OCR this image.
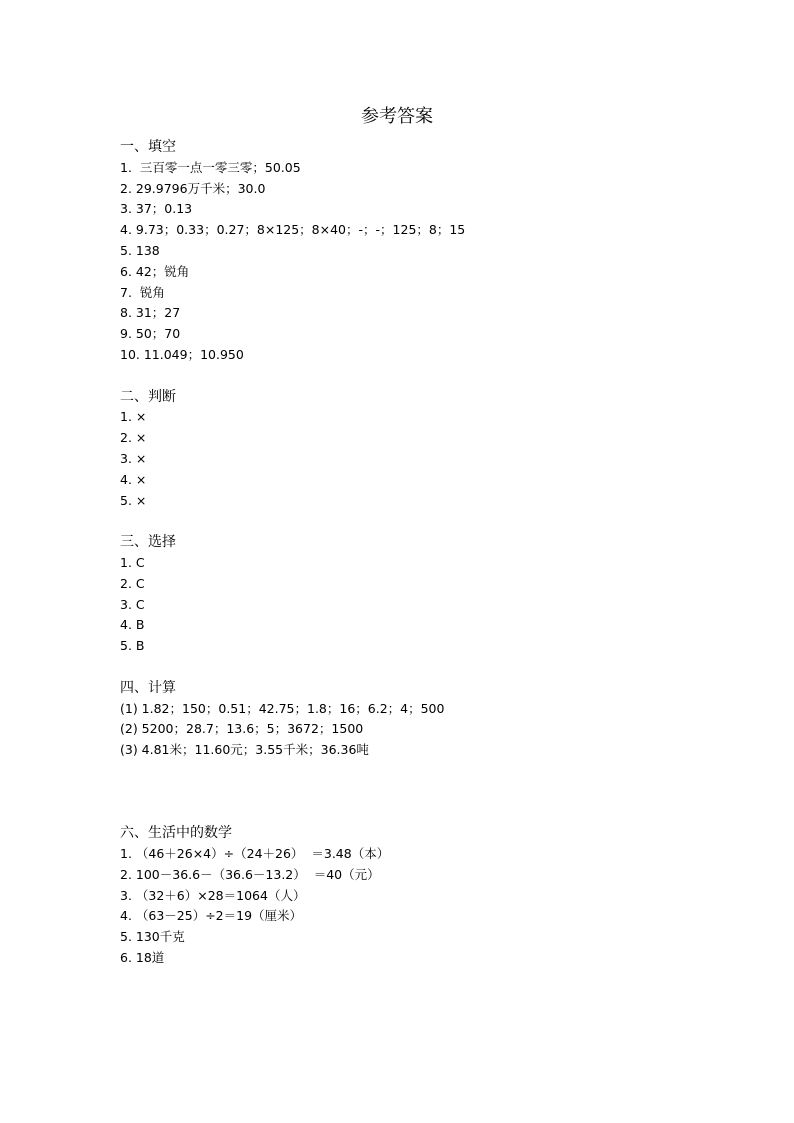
参考答案
一、填空
1.  三百零一点一零三零；50.05
2. 29.9796万千米；30.0
3. 37；0.13
4. 9.73；0.33；0.27；8×125；8×40；-；-；125；8；15
5. 138
6. 42；锐角
7.  锐角
8. 31；27
9. 50；70
10. 11.049；10.950
二、判断
1. ×
2. ×
3. ×
4. ×
5. ×
三、选择
1. C
2. C
3. C
4. B
5. B
四、计算
(1) 1.82；150；0.51；42.75；1.8；16；6.2；4；500
(2) 5200；28.7；13.6；5；3672；1500
(3) 4.81米；11.60元；3.55千米；36.36吨
六、生活中的数学
1. （46＋26×4）÷（24＋26）  ＝3.48（本）
2. 100－36.6－（36.6－13.2）  ＝40（元）
3. （32＋6）×28＝1064（人）
4. （63－25）÷2＝19（厘米）
5. 130千克
6. 18道
